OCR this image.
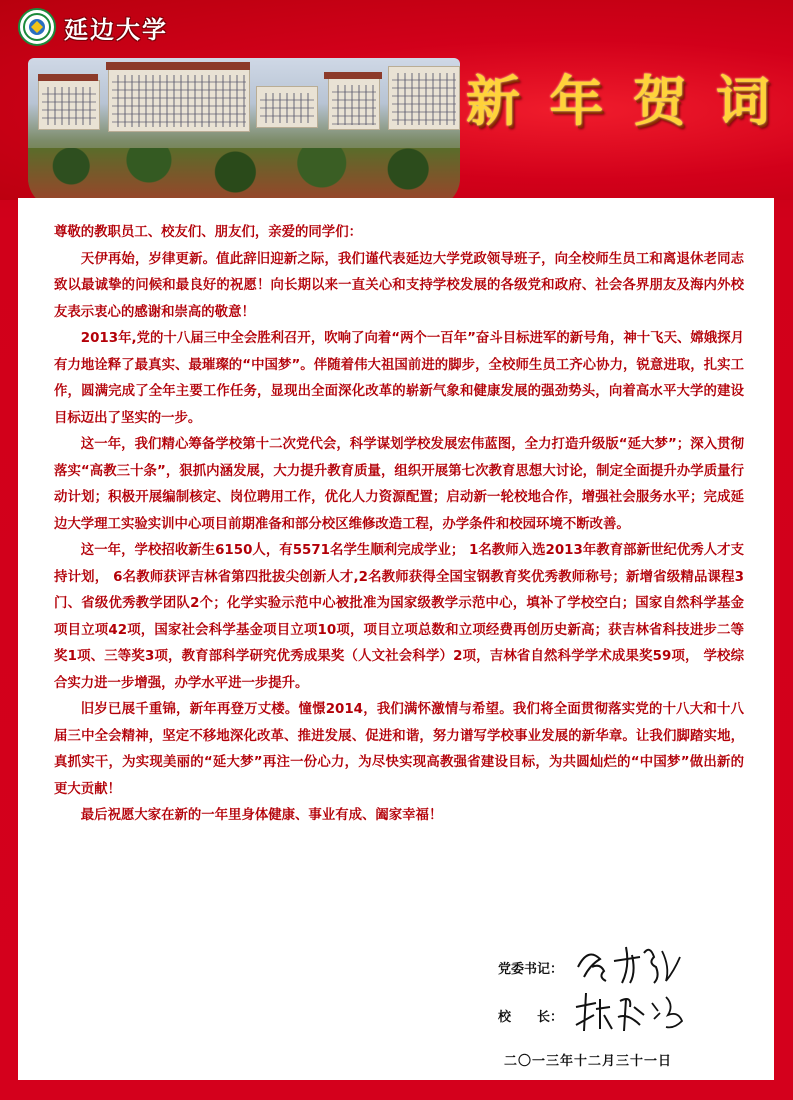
延边大学
新 年 贺 词

尊敬的教职员工、校友们、朋友们，亲爱的同学们：

天伊再始，岁律更新。值此辞旧迎新之际，我们谨代表延边大学党政领导班子，向全校师生员工和离退休老同志致以最诚挚的问候和最良好的祝愿！向长期以来一直关心和支持学校发展的各级党和政府、社会各界朋友及海内外校友表示衷心的感谢和崇高的敬意！

2013年,党的十八届三中全会胜利召开，吹响了向着“两个一百年”奋斗目标进军的新号角，神十飞天、嫦娥探月有力地诠释了最真实、最璀璨的“中国梦”。伴随着伟大祖国前进的脚步，全校师生员工齐心协力，锐意进取，扎实工作，圆满完成了全年主要工作任务，显现出全面深化改革的崭新气象和健康发展的强劲势头，向着高水平大学的建设目标迈出了坚实的一步。

这一年，我们精心筹备学校第十二次党代会，科学谋划学校发展宏伟蓝图，全力打造升级版“延大梦”；深入贯彻落实“高教三十条”，狠抓内涵发展，大力提升教育质量，组织开展第七次教育思想大讨论，制定全面提升办学质量行动计划；积极开展编制核定、岗位聘用工作，优化人力资源配置；启动新一轮校地合作，增强社会服务水平；完成延边大学理工实验实训中心项目前期准备和部分校区维修改造工程，办学条件和校园环境不断改善。

这一年，学校招收新生6150人，有5571名学生顺利完成学业； 1名教师入选2013年教育部新世纪优秀人才支持计划， 6名教师获评吉林省第四批拔尖创新人才,2名教师获得全国宝钢教育奖优秀教师称号；新增省级精品课程3门、省级优秀教学团队2个；化学实验示范中心被批准为国家级教学示范中心，填补了学校空白；国家自然科学基金项目立项42项，国家社会科学基金项目立项10项，项目立项总数和立项经费再创历史新高；获吉林省科技进步二等奖1项、三等奖3项，教育部科学研究优秀成果奖（人文社会科学）2项，吉林省自然科学学术成果奖59项， 学校综合实力进一步增强，办学水平进一步提升。

旧岁已展千重锦，新年再登万丈楼。憧憬2014，我们满怀激情与希望。我们将全面贯彻落实党的十八大和十八届三中全会精神，坚定不移地深化改革、推进发展、促进和谐，努力谱写学校事业发展的新华章。让我们脚踏实地，真抓实干，为实现美丽的“延大梦”再注一份心力，为尽快实现高教强省建设目标，为共圆灿烂的“中国梦”做出新的更大贡献！

最后祝愿大家在新的一年里身体健康、事业有成、阖家幸福！

党委书记：
校　　长：
二〇一三年十二月三十一日
